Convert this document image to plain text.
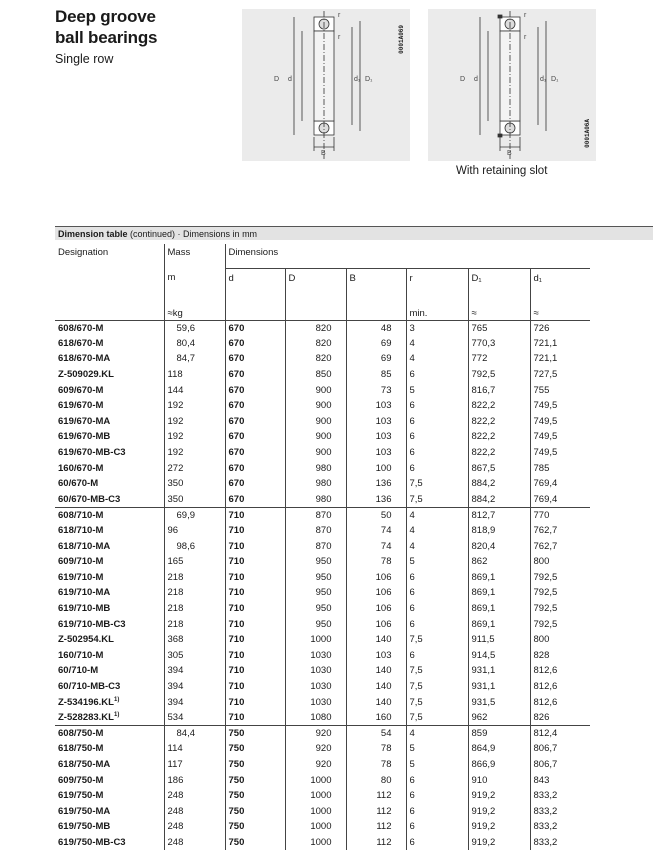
Deep groove
ball bearings
Single row
D d	d₁ D₁
B
r
r	0001A069
D d	d₁ D₁
B
r
r
0001A06A
With retaining slot
Dimension table (continued) · Dimensions in mm
Designation	Mass	Dimensions					
	m	d	D	B	r	D₁	d₁
	≈kg				min.	≈	≈
608/670-M	59,6	670	820	48	3	765	726
618/670-M	80,4	670	820	69	4	770,3	721,1
618/670-MA	84,7	670	820	69	4	772	721,1
Z-509029.KL	118	670	850	85	6	792,5	727,5
609/670-M	144	670	900	73	5	816,7	755
619/670-M	192	670	900	103	6	822,2	749,5
619/670-MA	192	670	900	103	6	822,2	749,5
619/670-MB	192	670	900	103	6	822,2	749,5
619/670-MB-C3	192	670	900	103	6	822,2	749,5
160/670-M	272	670	980	100	6	867,5	785
60/670-M	350	670	980	136	7,5	884,2	769,4
60/670-MB-C3	350	670	980	136	7,5	884,2	769,4
608/710-M	69,9	710	870	50	4	812,7	770
618/710-M	96	710	870	74	4	818,9	762,7
618/710-MA	98,6	710	870	74	4	820,4	762,7
609/710-M	165	710	950	78	5	862	800
619/710-M	218	710	950	106	6	869,1	792,5
619/710-MA	218	710	950	106	6	869,1	792,5
619/710-MB	218	710	950	106	6	869,1	792,5
619/710-MB-C3	218	710	950	106	6	869,1	792,5
Z-502954.KL	368	710	1000	140	7,5	911,5	800
160/710-M	305	710	1030	103	6	914,5	828
60/710-M	394	710	1030	140	7,5	931,1	812,6
60/710-MB-C3	394	710	1030	140	7,5	931,1	812,6
Z-534196.KL$^{1)}$	394	710	1030	140	7,5	931,5	812,6
Z-528283.KL$^{1)}$	534	710	1080	160	7,5	962	826
608/750-M	84,4	750	920	54	4	859	812,4
618/750-M	114	750	920	78	5	864,9	806,7
618/750-MA	117	750	920	78	5	866,9	806,7
609/750-M	186	750	1000	80	6	910	843
619/750-M	248	750	1000	112	6	919,2	833,2
619/750-MA	248	750	1000	112	6	919,2	833,2
619/750-MB	248	750	1000	112	6	919,2	833,2
619/750-MB-C3	248	750	1000	112	6	919,2	833,2
